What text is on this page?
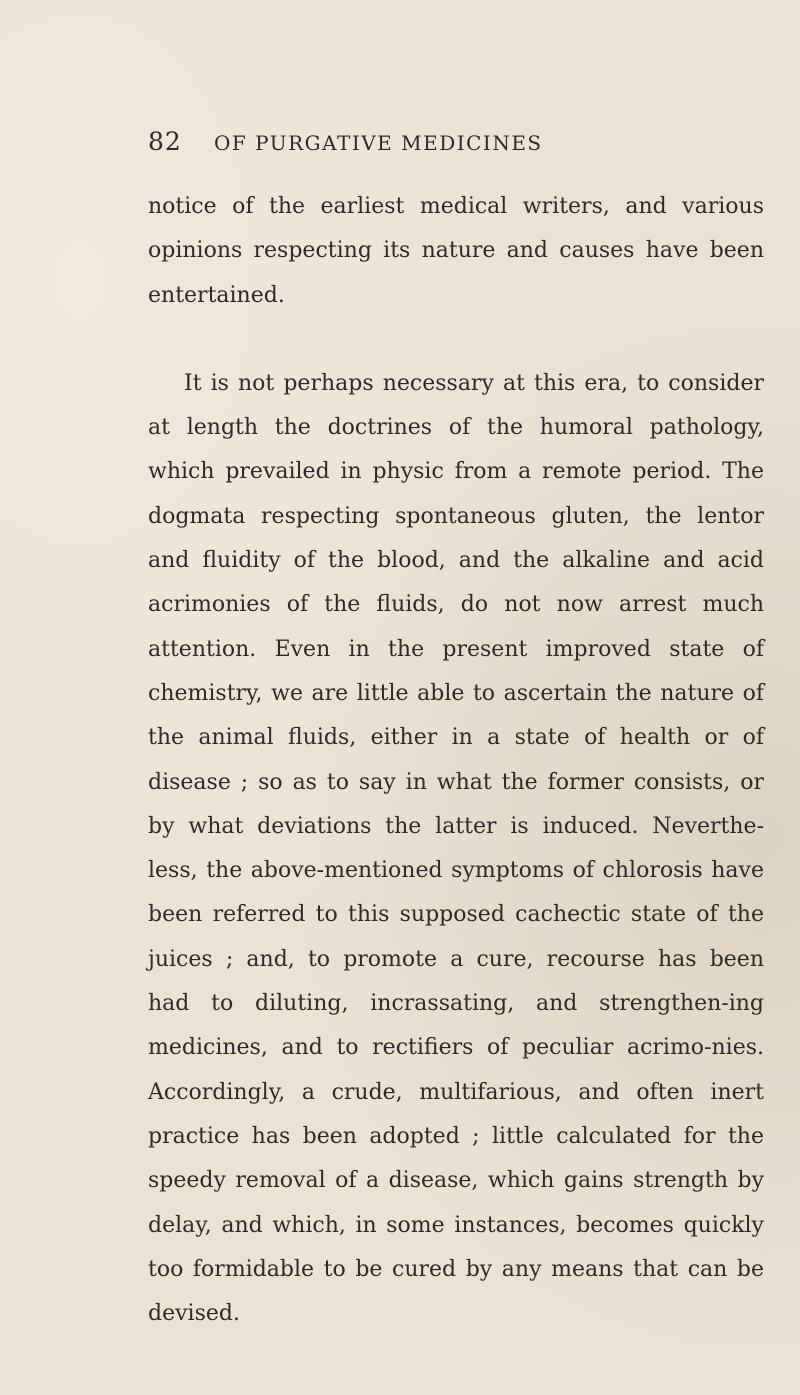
82 OF PURGATIVE MEDICINES

notice of the earliest medical writers, and various opinions respecting its nature and causes have been entertained.

It is not perhaps necessary at this era, to consider at length the doctrines of the humoral pathology, which prevailed in physic from a remote period. The dogmata respecting spontaneous gluten, the lentor and fluidity of the blood, and the alkaline and acid acrimonies of the fluids, do not now arrest much attention. Even in the present improved state of chemistry, we are little able to ascertain the nature of the animal fluids, either in a state of health or of disease ; so as to say in what the former consists, or by what deviations the latter is induced. Neverthe-less, the above-mentioned symptoms of chlorosis have been referred to this supposed cachectic state of the juices ; and, to promote a cure, recourse has been had to diluting, incrassating, and strengthen-ing medicines, and to rectifiers of peculiar acrimo-nies. Accordingly, a crude, multifarious, and often inert practice has been adopted ; little calculated for the speedy removal of a disease, which gains strength by delay, and which, in some instances, becomes quickly too formidable to be cured by any means that can be devised.
